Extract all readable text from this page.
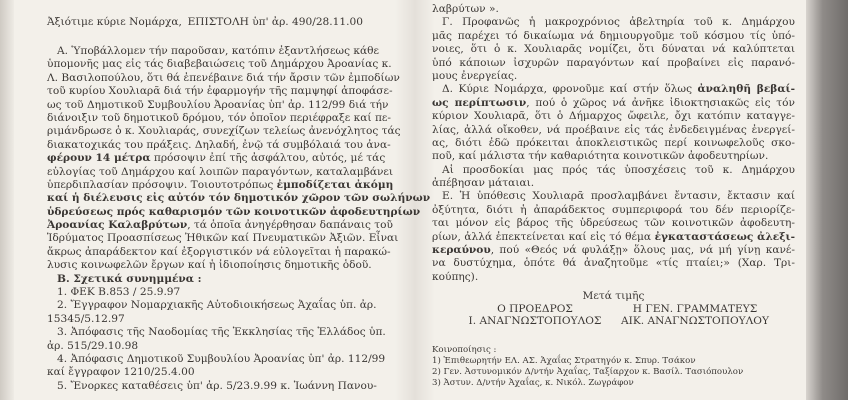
Ἀξιότιμε κύριε Νομάρχα, ΕΠΙΣΤΟΛΗ ὑπ' ἀρ. 490/28.11.00
Α. Ὑποβάλλομεν τήν παροῦσαν, κατόπιν ἐξαντλήσεως κάθε
ὑπομονῆς μας εἰς τάς διαβεβαιώσεις τοῦ Δημάρχου Ἀροανίας κ.
Λ. Βασιλοπούλου, ὅτι θά ἐπενέβαινε διά τήν ἄρσιν τῶν ἐμποδίων
τοῦ κυρίου Χουλιαρᾶ διά τήν ἐφαρμογήν τῆς παμψηφί ἀποφάσε-
ως τοῦ Δημοτικοῦ Συμβουλίου Ἀροανίας ὑπ' ἀρ. 112/99 διά τήν
διάνοιξιν τοῦ δημοτικοῦ δρόμου, τόν ὁποῖον περιέφραξε καί πε-
ριμάνδρωσε ὁ κ. Χουλιαράς, συνεχίζων τελείως ἀνενόχλητος τάς
διακατοχικάς του πράξεις. Δηλαδή, ἐνῷ τά συμβόλαιά του ἀνα-
φέρουν 14 μέτρα πρόσοψιν ἐπί τῆς ἀσφάλτου, αὐτός, μέ τάς
εὐλογίας τοῦ Δημάρχου καί λοιπῶν παραγόντων, καταλαμβάνει
ὑπερδιπλασίαν πρόσοψιν. Τοιουτοτρόπως ἐμποδίζεται ἀκόμη
καί ἡ διέλευσις εἰς αὐτόν τόν δημοτικόν χῶρον τῶν σωλήνων
ὑδρεύσεως πρός καθαρισμόν τῶν κοινοτικῶν ἀφοδευτηρίων
Ἀροανίας Καλαβρύτων, τά ὁποῖα ἀνηγέρθησαν δαπάναις τοῦ
Ἱδρύματος Προασπίσεως Ἠθικῶν καί Πνευματικῶν Ἀξιῶν. Εἶναι
ἄκρως ἀπαράδεκτον καί ἐξοργιστικόν νά εὐλογεῖται ἡ παρακώ-
λυσις κοινωφελῶν ἔργων καί ἡ ἰδιοποίησις δημοτικῆς ὁδοῦ.
Β. Σχετικά συνημμένα :
1. ΦΕΚ Β.853 / 25.9.97
2. Ἔγγραφον Νομαρχιακῆς Αὐτοδιοικήσεως Ἀχαΐας ὑπ. ἀρ.
15345/5.12.97
3. Ἀπόφασις τῆς Ναοδομίας τῆς Ἐκκλησίας τῆς Ἑλλάδος ὑπ.
ἀρ. 515/29.10.98
4. Ἀπόφασις Δημοτικοῦ Συμβουλίου Ἀροανίας ὑπ' ἀρ. 112/99
καί ἔγγραφον 1210/25.4.00
5. Ἔνορκες καταθέσεις ὑπ' ἀρ. 5/23.9.99 κ. Ἰωάννη Πανου-
λαβρύτων ».
Γ. Προφανῶς ἡ μακροχρόνιος ἀβελτηρία τοῦ κ. Δημάρχου
μᾶς παρέχει τό δικαίωμα νά δημιουργοῦμε τοῦ κόσμου τίς ὑπό-
νοιες, ὅτι ὁ κ. Χουλιαρᾶς νομίζει, ὅτι δύναται νά καλύπτεται
ὑπό κάποιων ἰσχυρῶν παραγόντων καί προβαίνει εἰς παρανό-
μους ἐνεργείας.
Δ. Κύριε Νομάρχα, φρονοῦμε καί στήν ὅλως ἀναληθῆ βεβαί-
ως περίπτωσιν, πού ὁ χῶρος νά ἀνῆκε ἰδιοκτησιακῶς εἰς τόν
κύριον Χουλιαρᾶ, ὅτι ὁ Δήμαρχος ὤφειλε, ὄχι κατόπιν καταγγε-
λίας, ἀλλά οἴκοθεν, νά προέβαινε εἰς τάς ἐνδεδειγμένας ἐνεργεί-
ας, διότι ἐδῶ πρόκειται ἀποκλειστικῶς περί κοινωφελοῦς σκο-
ποῦ, καί μάλιστα τήν καθαριότητα κοινοτικῶν ἀφοδευτηρίων.
Αἱ προσδοκίαι μας πρός τάς ὑποσχέσεις τοῦ κ. Δημάρχου
ἀπέβησαν μάταιαι.
Ε. Ἡ ὑπόθεσις Χουλιαρᾶ προσλαμβάνει ἔντασιν, ἔκτασιν καί
ὀξύτητα, διότι ἡ ἀπαράδεκτος συμπεριφορά του δέν περιορίζε-
ται μόνον εἰς βάρος τῆς ὑδρεύσεως τῶν κοινοτικῶν ἀφοδευτη-
ρίων, ἀλλά ἐπεκτείνεται καί εἰς τό θέμα ἐγκαταστάσεως ἀλεξι-
κεραύνου, πού «Θεός νά φυλάξῃ» ὅλους μας, νά μή γίνῃ κανέ-
να δυστύχημα, ὁπότε θά ἀναζητοῦμε «τίς πταίει;» (Χαρ. Τρι-
κούπης).
Μετά τιμῆς
Ο ΠΡΟΕΔΡΟΣ
Ι. ΑΝΑΓΝΩΣΤΟΠΟΥΛΟΣ
Η ΓΕΝ. ΓΡΑΜΜΑΤΕΥΣ
ΑΙΚ. ΑΝΑΓΝΩΣΤΟΠΟΥΛΟΥ
Κοινοποίησις :
1) Ἐπιθεωρητήν ΕΛ. ΑΣ. Ἀχαΐας Στρατηγόν κ. Σπυρ. Τσάκον
2) Γεν. Ἀστυνομικόν Δ/ντήν Ἀχαΐας, Ταξίαρχον κ. Βασίλ. Τασιόπουλον
3) Ἀστυν. Δ/ντήν Ἀχαΐας, κ. Νικόλ. Ζωγράφον
